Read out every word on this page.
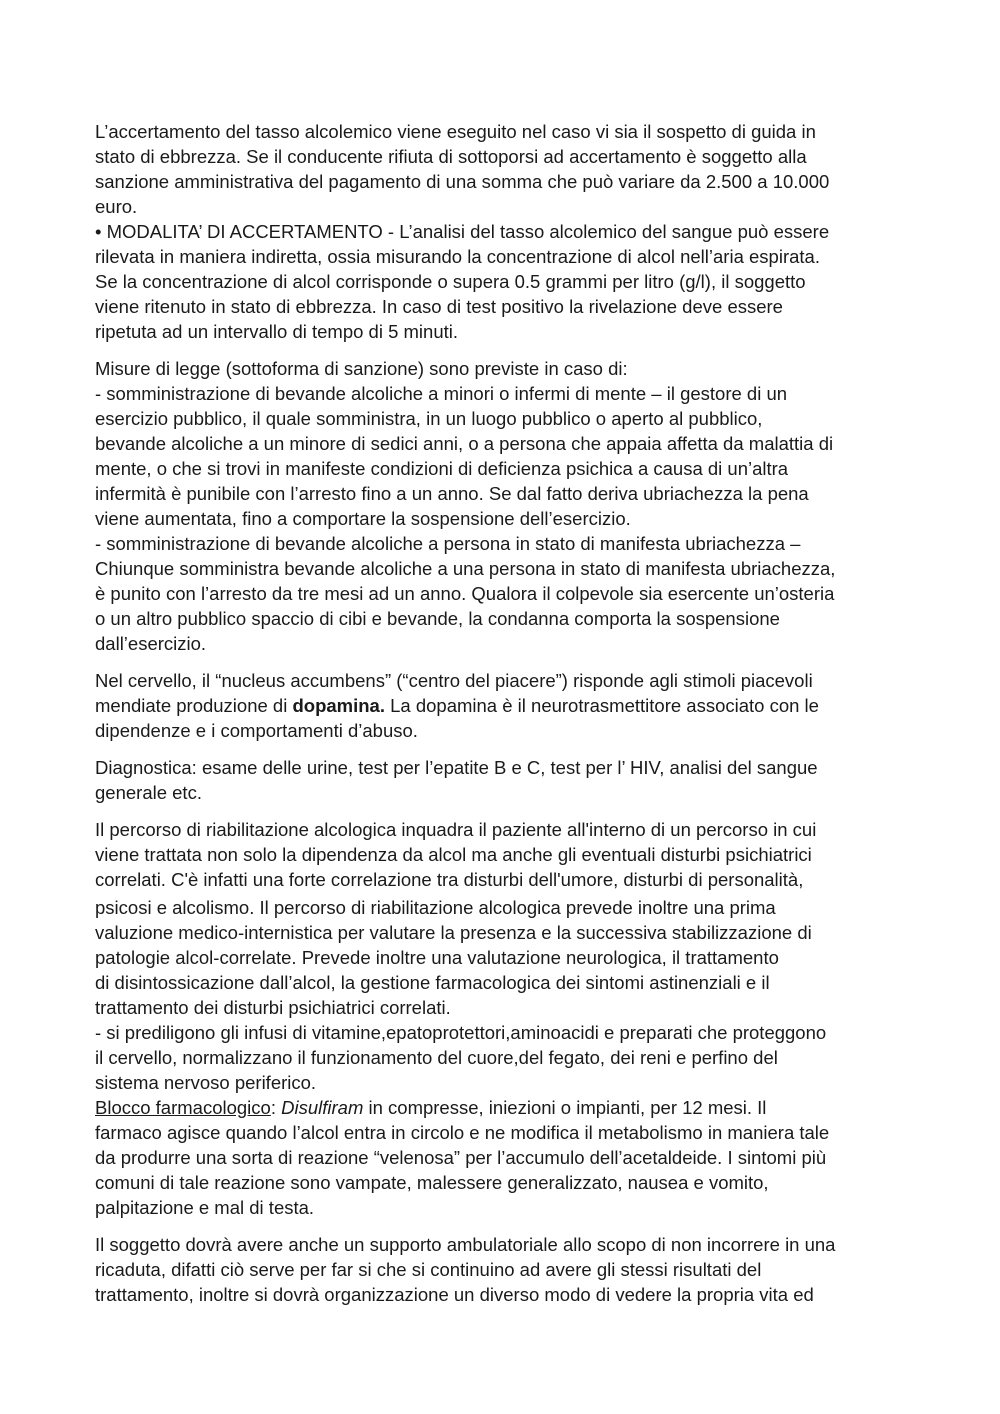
L’accertamento del tasso alcolemico viene eseguito nel caso vi sia il sospetto di guida in
stato di ebbrezza. Se il conducente rifiuta di sottoporsi ad accertamento è soggetto alla
sanzione amministrativa del pagamento di una somma che può variare da 2.500 a 10.000
euro.
• MODALITA’ DI ACCERTAMENTO - L’analisi del tasso alcolemico del sangue può essere
rilevata in maniera indiretta, ossia misurando la concentrazione di alcol nell’aria espirata.
Se la concentrazione di alcol corrisponde o supera 0.5 grammi per litro (g/l), il soggetto
viene ritenuto in stato di ebbrezza. In caso di test positivo la rivelazione deve essere
ripetuta ad un intervallo di tempo di 5 minuti.

Misure di legge (sottoforma di sanzione) sono previste in caso di:
- somministrazione di bevande alcoliche a minori o infermi di mente – il gestore di un
esercizio pubblico, il quale somministra, in un luogo pubblico o aperto al pubblico,
bevande alcoliche a un minore di sedici anni, o a persona che appaia affetta da malattia di
mente, o che si trovi in manifeste condizioni di deficienza psichica a causa di un’altra
infermità è punibile con l’arresto fino a un anno. Se dal fatto deriva ubriachezza la pena
viene aumentata, fino a comportare la sospensione dell’esercizio.
- somministrazione di bevande alcoliche a persona in stato di manifesta ubriachezza –
Chiunque somministra bevande alcoliche a una persona in stato di manifesta ubriachezza,
è punito con l’arresto da tre mesi ad un anno. Qualora il colpevole sia esercente un’osteria
o un altro pubblico spaccio di cibi e bevande, la condanna comporta la sospensione
dall’esercizio.

Nel cervello, il “nucleus accumbens” (“centro del piacere”) risponde agli stimoli piacevoli
mendiate produzione di dopamina. La dopamina è il neurotrasmettitore associato con le
dipendenze e i comportamenti d’abuso.

Diagnostica: esame delle urine, test per l’epatite B e C, test per l’ HIV, analisi del sangue
generale etc.

Il percorso di riabilitazione alcologica inquadra il paziente all'interno di un percorso in cui
viene trattata non solo la dipendenza da alcol ma anche gli eventuali disturbi psichiatrici
correlati. C'è infatti una forte correlazione tra disturbi dell'umore, disturbi di personalità,
psicosi e alcolismo. Il percorso di riabilitazione alcologica prevede inoltre una prima
valuzione medico-internistica per valutare la presenza e la successiva stabilizzazione di
patologie alcol-correlate. Prevede inoltre una valutazione neurologica, il trattamento
di disintossicazione dall’alcol, la gestione farmacologica dei sintomi astinenziali e il
trattamento dei disturbi psichiatrici correlati.
- si prediligono gli infusi di vitamine,epatoprotettori,aminoacidi e preparati che proteggono
il cervello, normalizzano il funzionamento del cuore,del fegato, dei reni e perfino del
sistema nervoso periferico.

Blocco farmacologico: Disulfiram in compresse, iniezioni o impianti, per 12 mesi. Il
farmaco agisce quando l’alcol entra in circolo e ne modifica il metabolismo in maniera tale
da produrre una sorta di reazione “velenosa” per l’accumulo dell’acetaldeide. I sintomi più
comuni di tale reazione sono vampate, malessere generalizzato, nausea e vomito,
palpitazione e mal di testa.

Il soggetto dovrà avere anche un supporto ambulatoriale allo scopo di non incorrere in una
ricaduta, difatti ciò serve per far si che si continuino ad avere gli stessi risultati del
trattamento, inoltre si dovrà organizzazione un diverso modo di vedere la propria vita ed
